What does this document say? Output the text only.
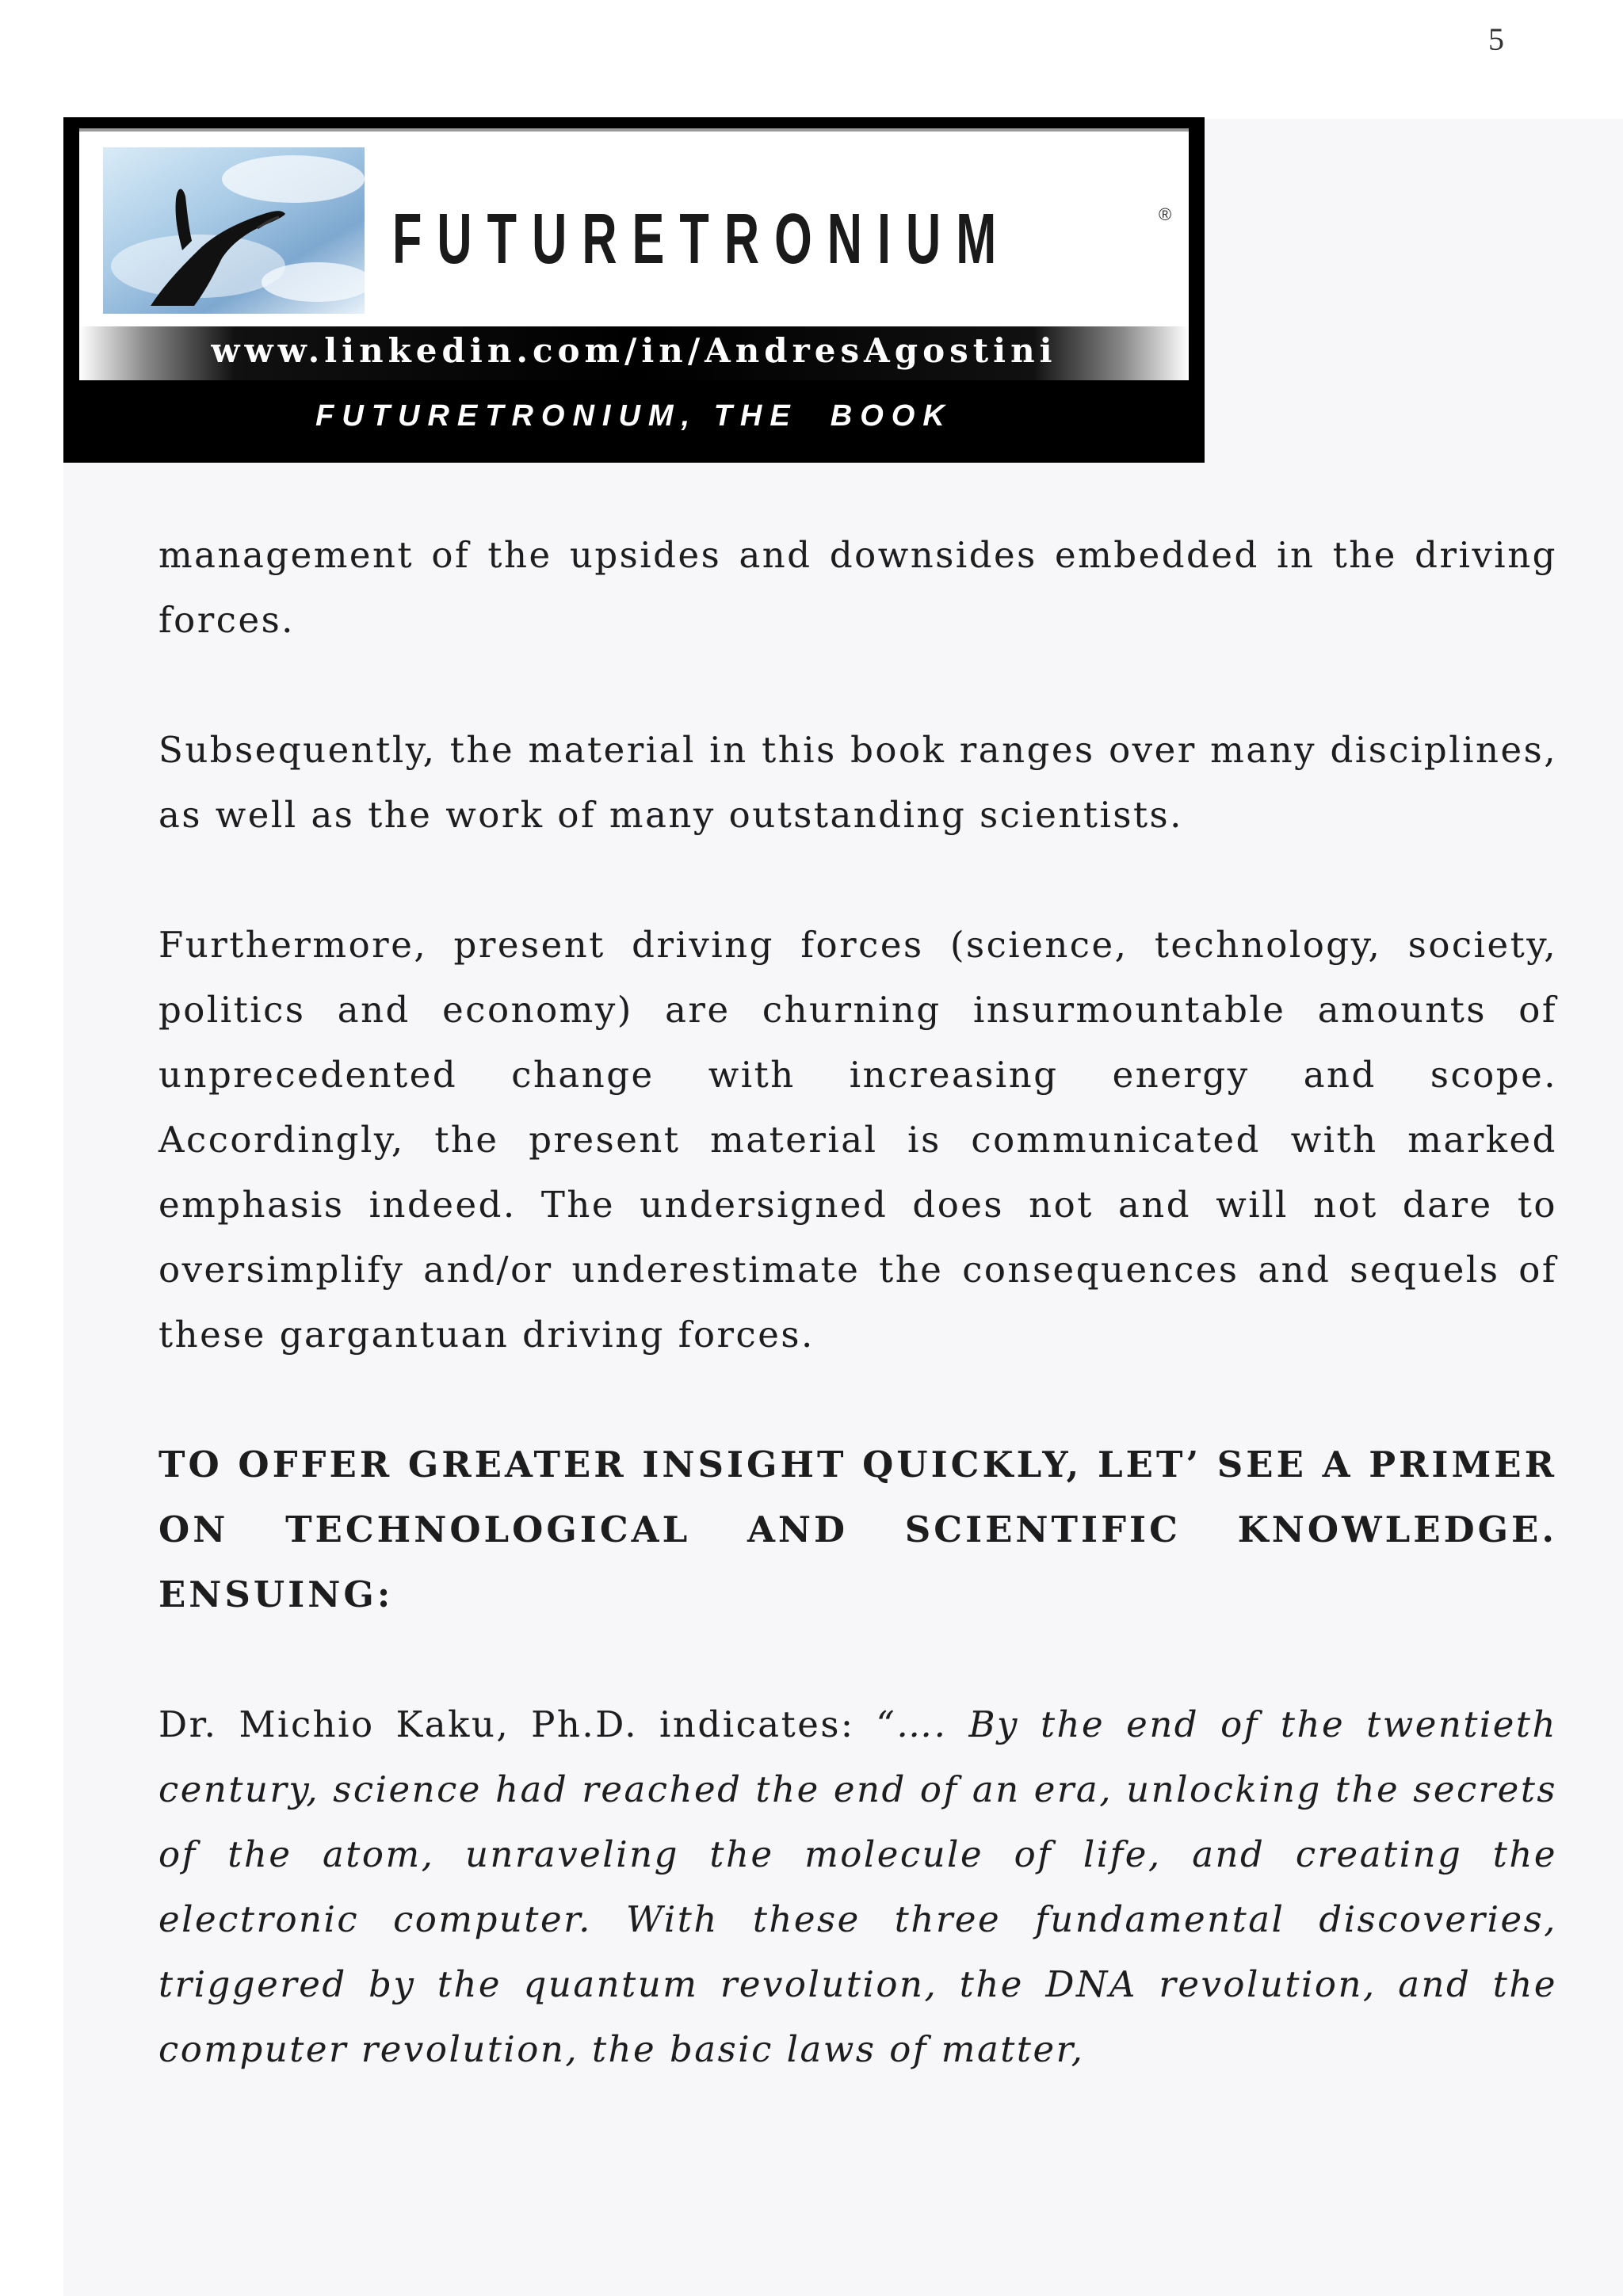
5
FUTURETRONIUM	®
www.linkedin.com/in/AndresAgostini
FUTURETRONIUM, THE  BOOK

management of the upsides and downsides embedded in the driving forces.

Subsequently, the material in this book ranges over many disciplines, as well as the work of many outstanding scientists.

Furthermore, present driving forces (science, technology, society, politics and economy) are churning insurmountable amounts of unprecedented change with increasing energy and scope. Accordingly, the present material is communicated with marked emphasis indeed. The undersigned does not and will not dare to oversimplify and/or underestimate the consequences and sequels of these gargantuan driving forces.

TO OFFER GREATER INSIGHT QUICKLY, LET’ SEE A PRIMER ON TECHNOLOGICAL AND SCIENTIFIC KNOWLEDGE. ENSUING:

Dr. Michio Kaku, Ph.D. indicates: “…. By the end of the twentieth century, science had reached the end of an era, unlocking the secrets of the atom, unraveling the molecule of life, and creating the electronic computer. With these three fundamental discoveries, triggered by the quantum revolution, the DNA revolution, and the computer revolution, the basic laws of matter,
